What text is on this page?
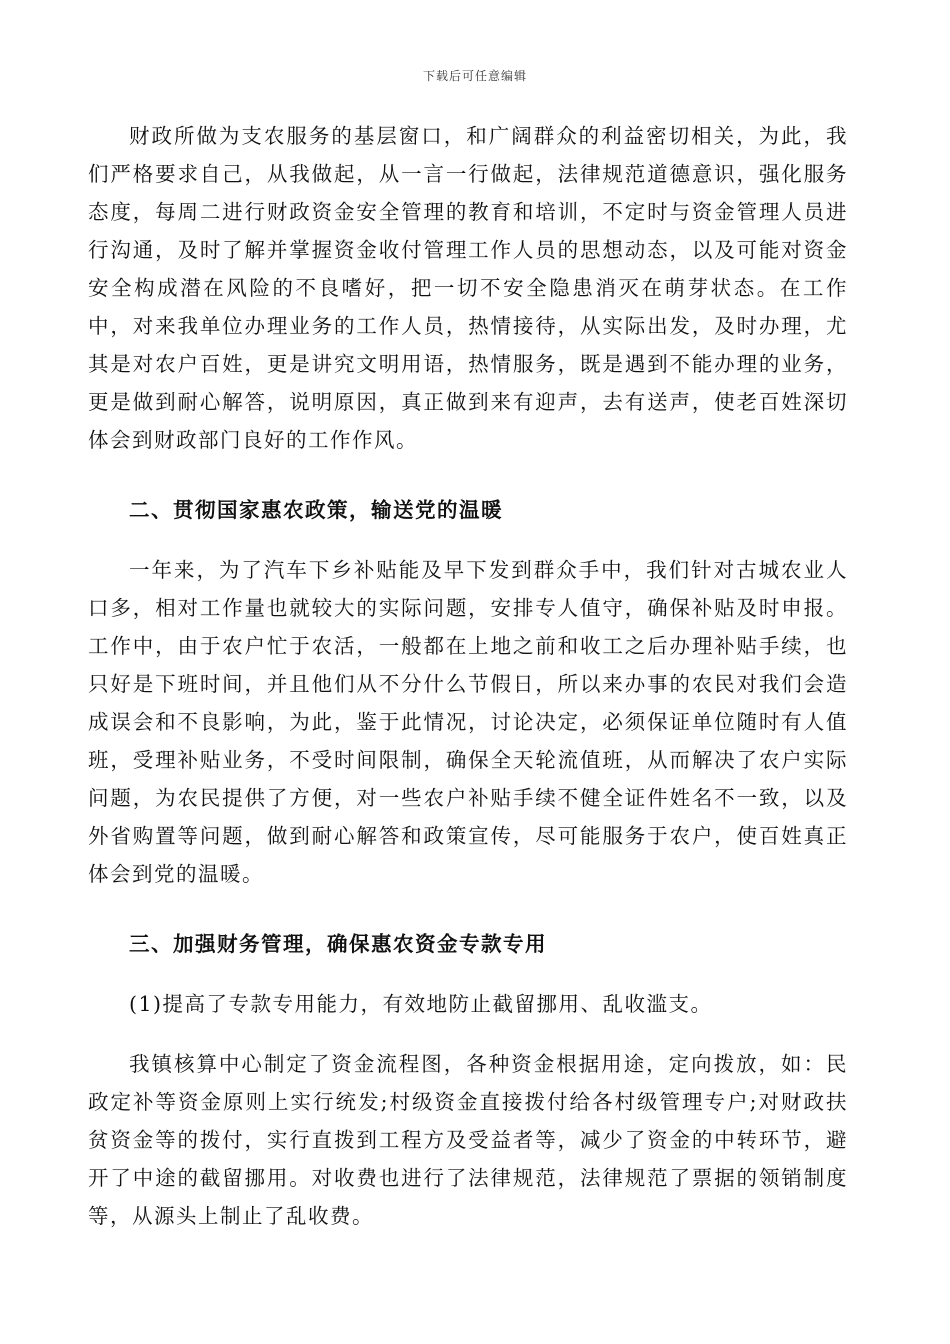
下载后可任意编辑

财政所做为支农服务的基层窗口，和广阔群众的利益密切相关，为此，我们严格要求自己，从我做起，从一言一行做起，法律规范道德意识，强化服务态度，每周二进行财政资金安全管理的教育和培训，不定时与资金管理人员进行沟通，及时了解并掌握资金收付管理工作人员的思想动态，以及可能对资金安全构成潜在风险的不良嗜好，把一切不安全隐患消灭在萌芽状态。在工作中，对来我单位办理业务的工作人员，热情接待，从实际出发，及时办理，尤其是对农户百姓，更是讲究文明用语，热情服务，既是遇到不能办理的业务，更是做到耐心解答，说明原因，真正做到来有迎声，去有送声，使老百姓深切体会到财政部门良好的工作作风。

二、贯彻国家惠农政策，输送党的温暖

一年来，为了汽车下乡补贴能及早下发到群众手中，我们针对古城农业人口多，相对工作量也就较大的实际问题，安排专人值守，确保补贴及时申报。工作中，由于农户忙于农活，一般都在上地之前和收工之后办理补贴手续，也只好是下班时间，并且他们从不分什么节假日，所以来办事的农民对我们会造成误会和不良影响，为此，鉴于此情况，讨论决定，必须保证单位随时有人值班，受理补贴业务，不受时间限制，确保全天轮流值班，从而解决了农户实际问题，为农民提供了方便，对一些农户补贴手续不健全证件姓名不一致，以及外省购置等问题，做到耐心解答和政策宣传，尽可能服务于农户，使百姓真正体会到党的温暖。

三、加强财务管理，确保惠农资金专款专用

(1)提高了专款专用能力，有效地防止截留挪用、乱收滥支。

我镇核算中心制定了资金流程图，各种资金根据用途，定向拨放，如：民政定补等资金原则上实行统发;村级资金直接拨付给各村级管理专户;对财政扶贫资金等的拨付，实行直拨到工程方及受益者等，减少了资金的中转环节，避开了中途的截留挪用。对收费也进行了法律规范，法律规范了票据的领销制度等，从源头上制止了乱收费。
